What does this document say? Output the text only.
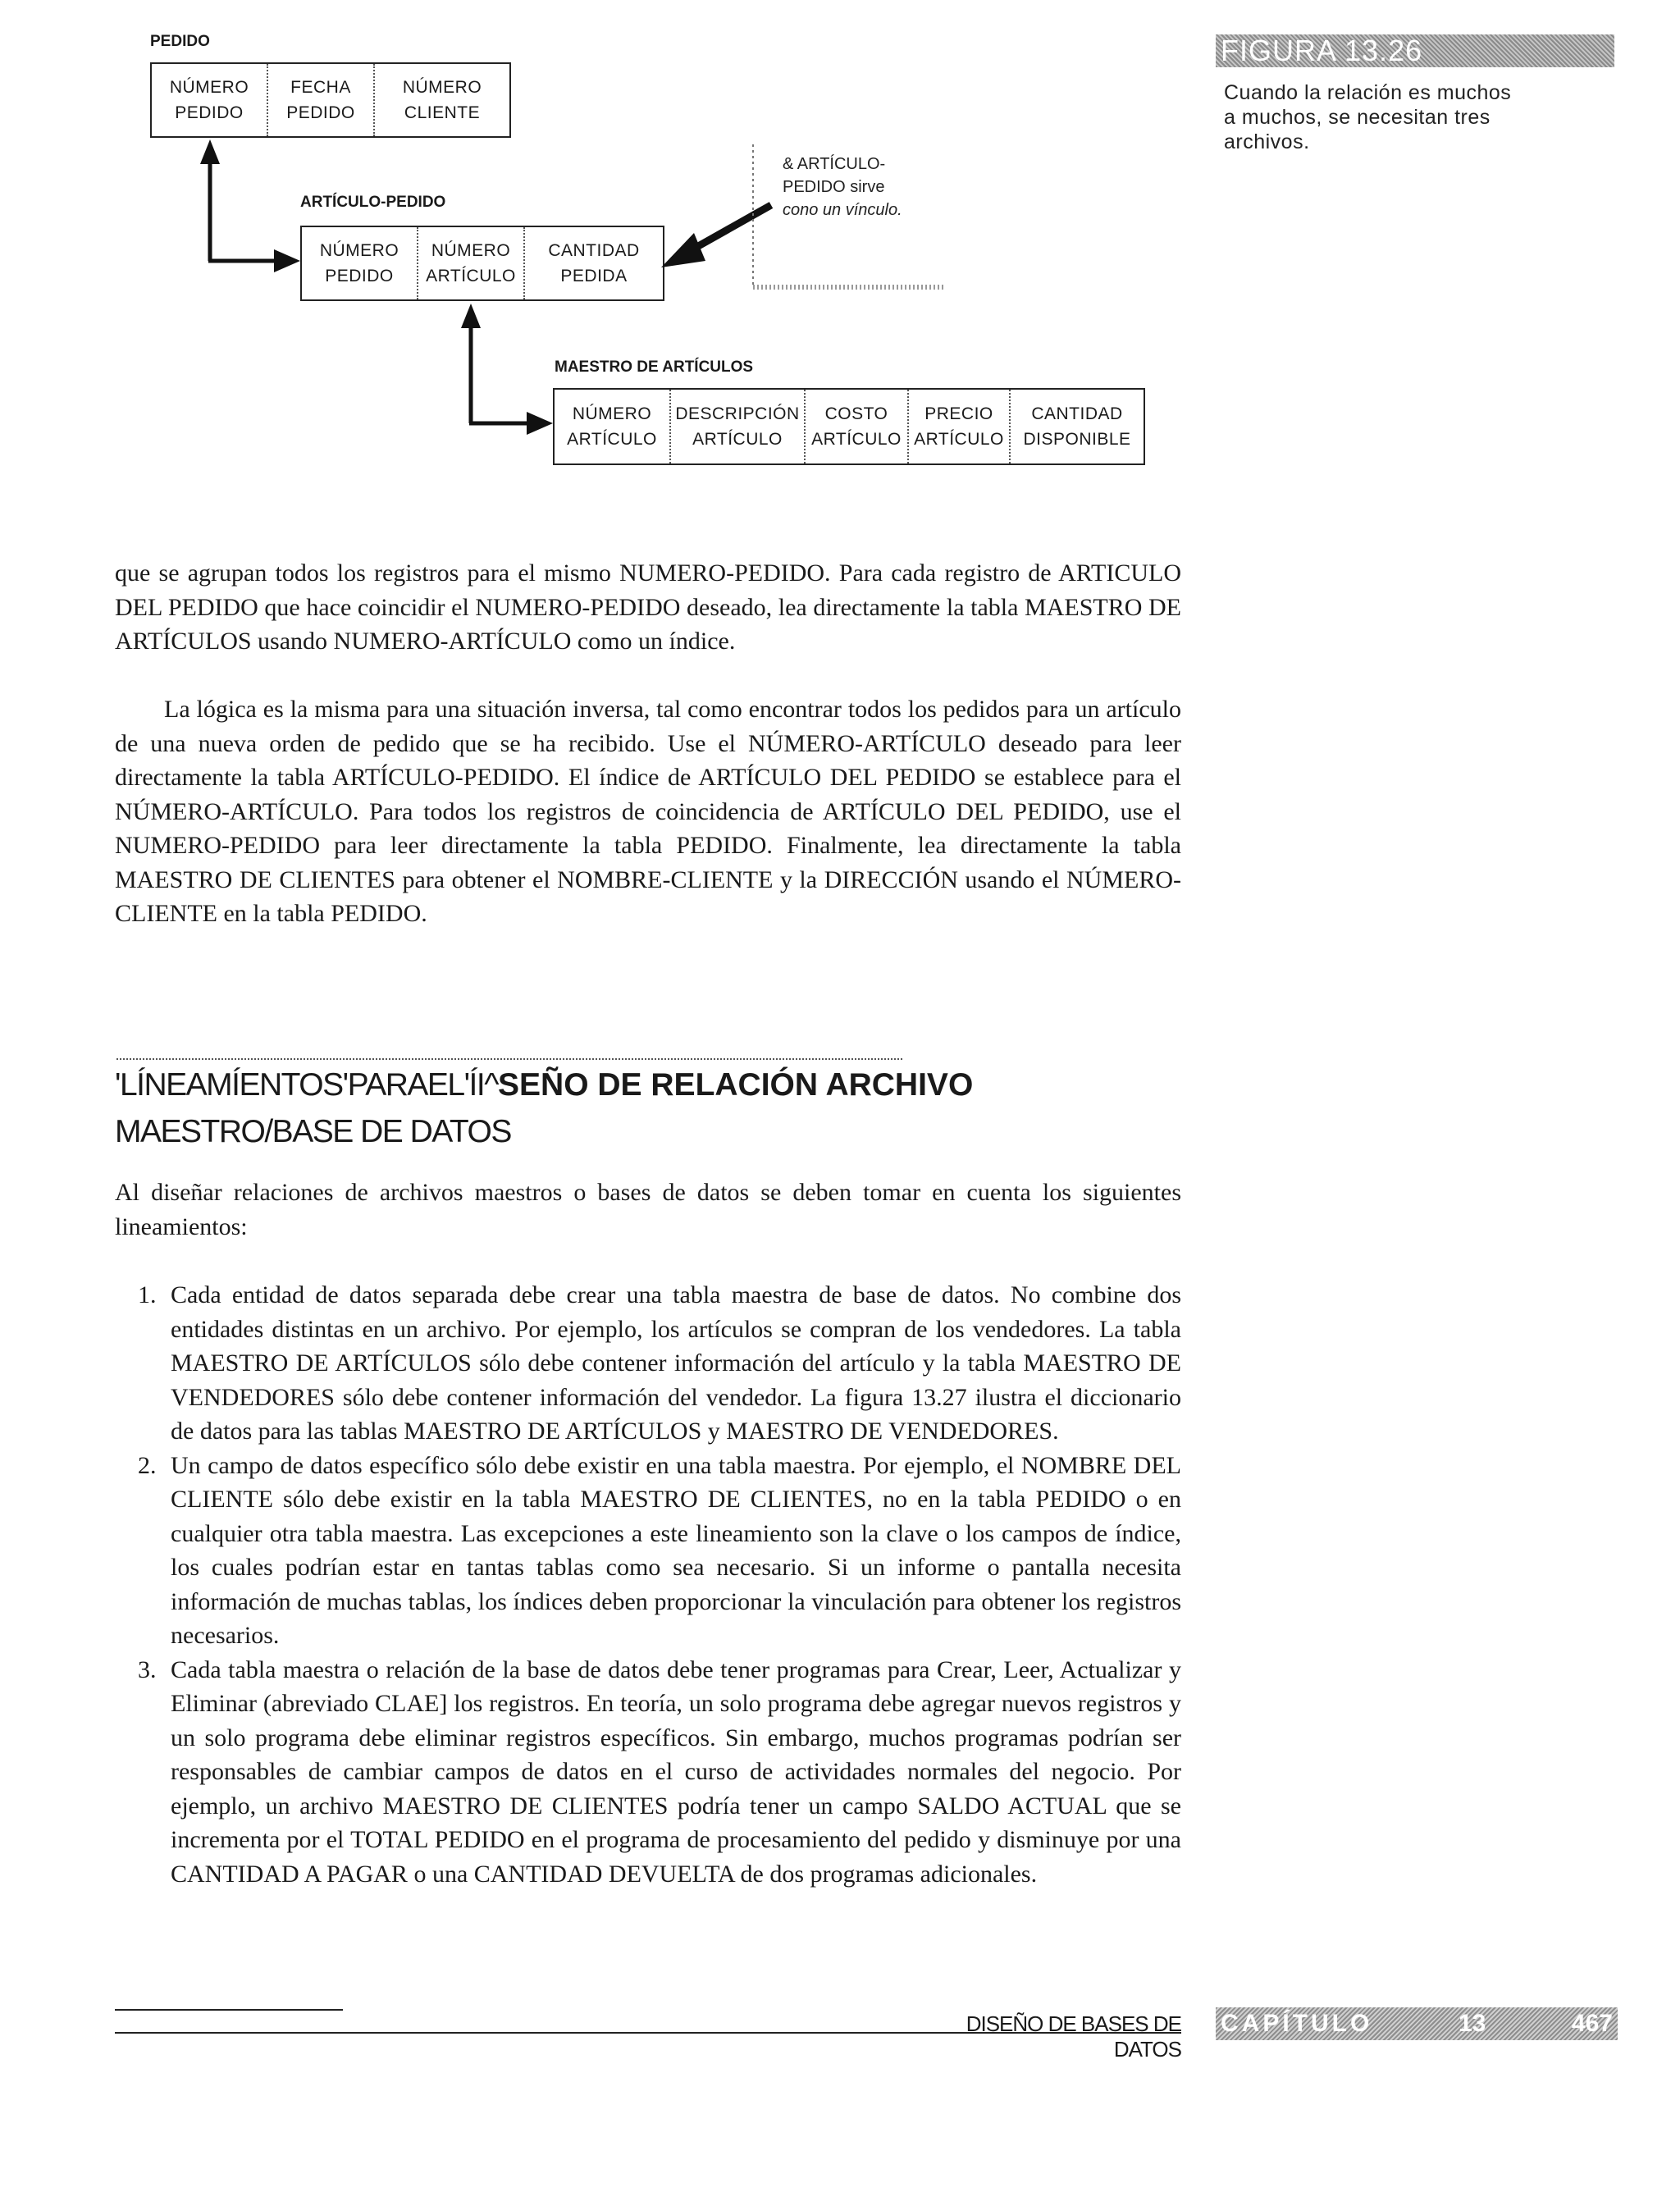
PEDIDO
NÚMERO
PEDIDO
FECHA
PEDIDO
NÚMERO
CLIENTE
ARTÍCULO-PEDIDO
NÚMERO
PEDIDO
NÚMERO
ARTÍCULO
CANTIDAD
PEDIDA
MAESTRO DE ARTÍCULOS
NÚMERO
ARTÍCULO
DESCRIPCIÓN
ARTÍCULO
COSTO
ARTÍCULO
PRECIO
ARTÍCULO
CANTIDAD
DISPONIBLE
& ARTÍCULO-
PEDIDO sirve
cono un vínculo.
FIGURA 13.26
Cuando la relación es muchos
a muchos, se necesitan tres
archivos.

que se agrupan todos los registros para el mismo NUMERO-PEDIDO. Para cada registro de ARTICULO DEL PEDIDO que hace coincidir el NUMERO-PEDIDO deseado, lea directamente la tabla MAESTRO DE ARTÍCULOS usando NUMERO-ARTÍCULO como un índice.

La lógica es la misma para una situación inversa, tal como encontrar todos los pedidos para un artículo de una nueva orden de pedido que se ha recibido. Use el NÚMERO-ARTÍCULO deseado para leer directamente la tabla ARTÍCULO-PEDIDO. El índice de ARTÍCULO DEL PEDIDO se establece para el NÚMERO-ARTÍCULO. Para todos los registros de coincidencia de ARTÍCULO DEL PEDIDO, use el NUMERO-PEDIDO para leer directamente la tabla PEDIDO. Finalmente, lea directamente la tabla MAESTRO DE CLIENTES para obtener el NOMBRE-CLIENTE y la DIRECCIÓN usando el NÚMERO-CLIENTE en la tabla PEDIDO.

'LÍNEAMÍENTOS'PARAEL'ÍI^SEÑO DE RELACIÓN ARCHIVO
MAESTRO/BASE DE DATOS

Al diseñar relaciones de archivos maestros o bases de datos se deben tomar en cuenta los siguientes lineamientos:

1. Cada entidad de datos separada debe crear una tabla maestra de base de datos. No combine dos entidades distintas en un archivo. Por ejemplo, los artículos se compran de los vendedores. La tabla MAESTRO DE ARTÍCULOS sólo debe contener información del artículo y la tabla MAESTRO DE VENDEDORES sólo debe contener información del vendedor. La figura 13.27 ilustra el diccionario de datos para las tablas MAESTRO DE ARTÍCULOS y MAESTRO DE VENDEDORES.
2. Un campo de datos específico sólo debe existir en una tabla maestra. Por ejemplo, el NOMBRE DEL CLIENTE sólo debe existir en la tabla MAESTRO DE CLIENTES, no en la tabla PEDIDO o en cualquier otra tabla maestra. Las excepciones a este lineamiento son la clave o los campos de índice, los cuales podrían estar en tantas tablas como sea necesario. Si un informe o pantalla necesita información de muchas tablas, los índices deben proporcionar la vinculación para obtener los registros necesarios.
3. Cada tabla maestra o relación de la base de datos debe tener programas para Crear, Leer, Actualizar y Eliminar (abreviado CLAE] los registros. En teoría, un solo programa debe agregar nuevos registros y un solo programa debe eliminar registros específicos. Sin embargo, muchos programas podrían ser responsables de cambiar campos de datos en el curso de actividades normales del negocio. Por ejemplo, un archivo MAESTRO DE CLIENTES podría tener un campo SALDO ACTUAL que se incrementa por el TOTAL PEDIDO en el programa de procesamiento del pedido y disminuye por una CANTIDAD A PAGAR o una CANTIDAD DEVUELTA de dos programas adicionales.
DISEÑO DE BASES DE DATOS
CAPÍTULO	13	467
